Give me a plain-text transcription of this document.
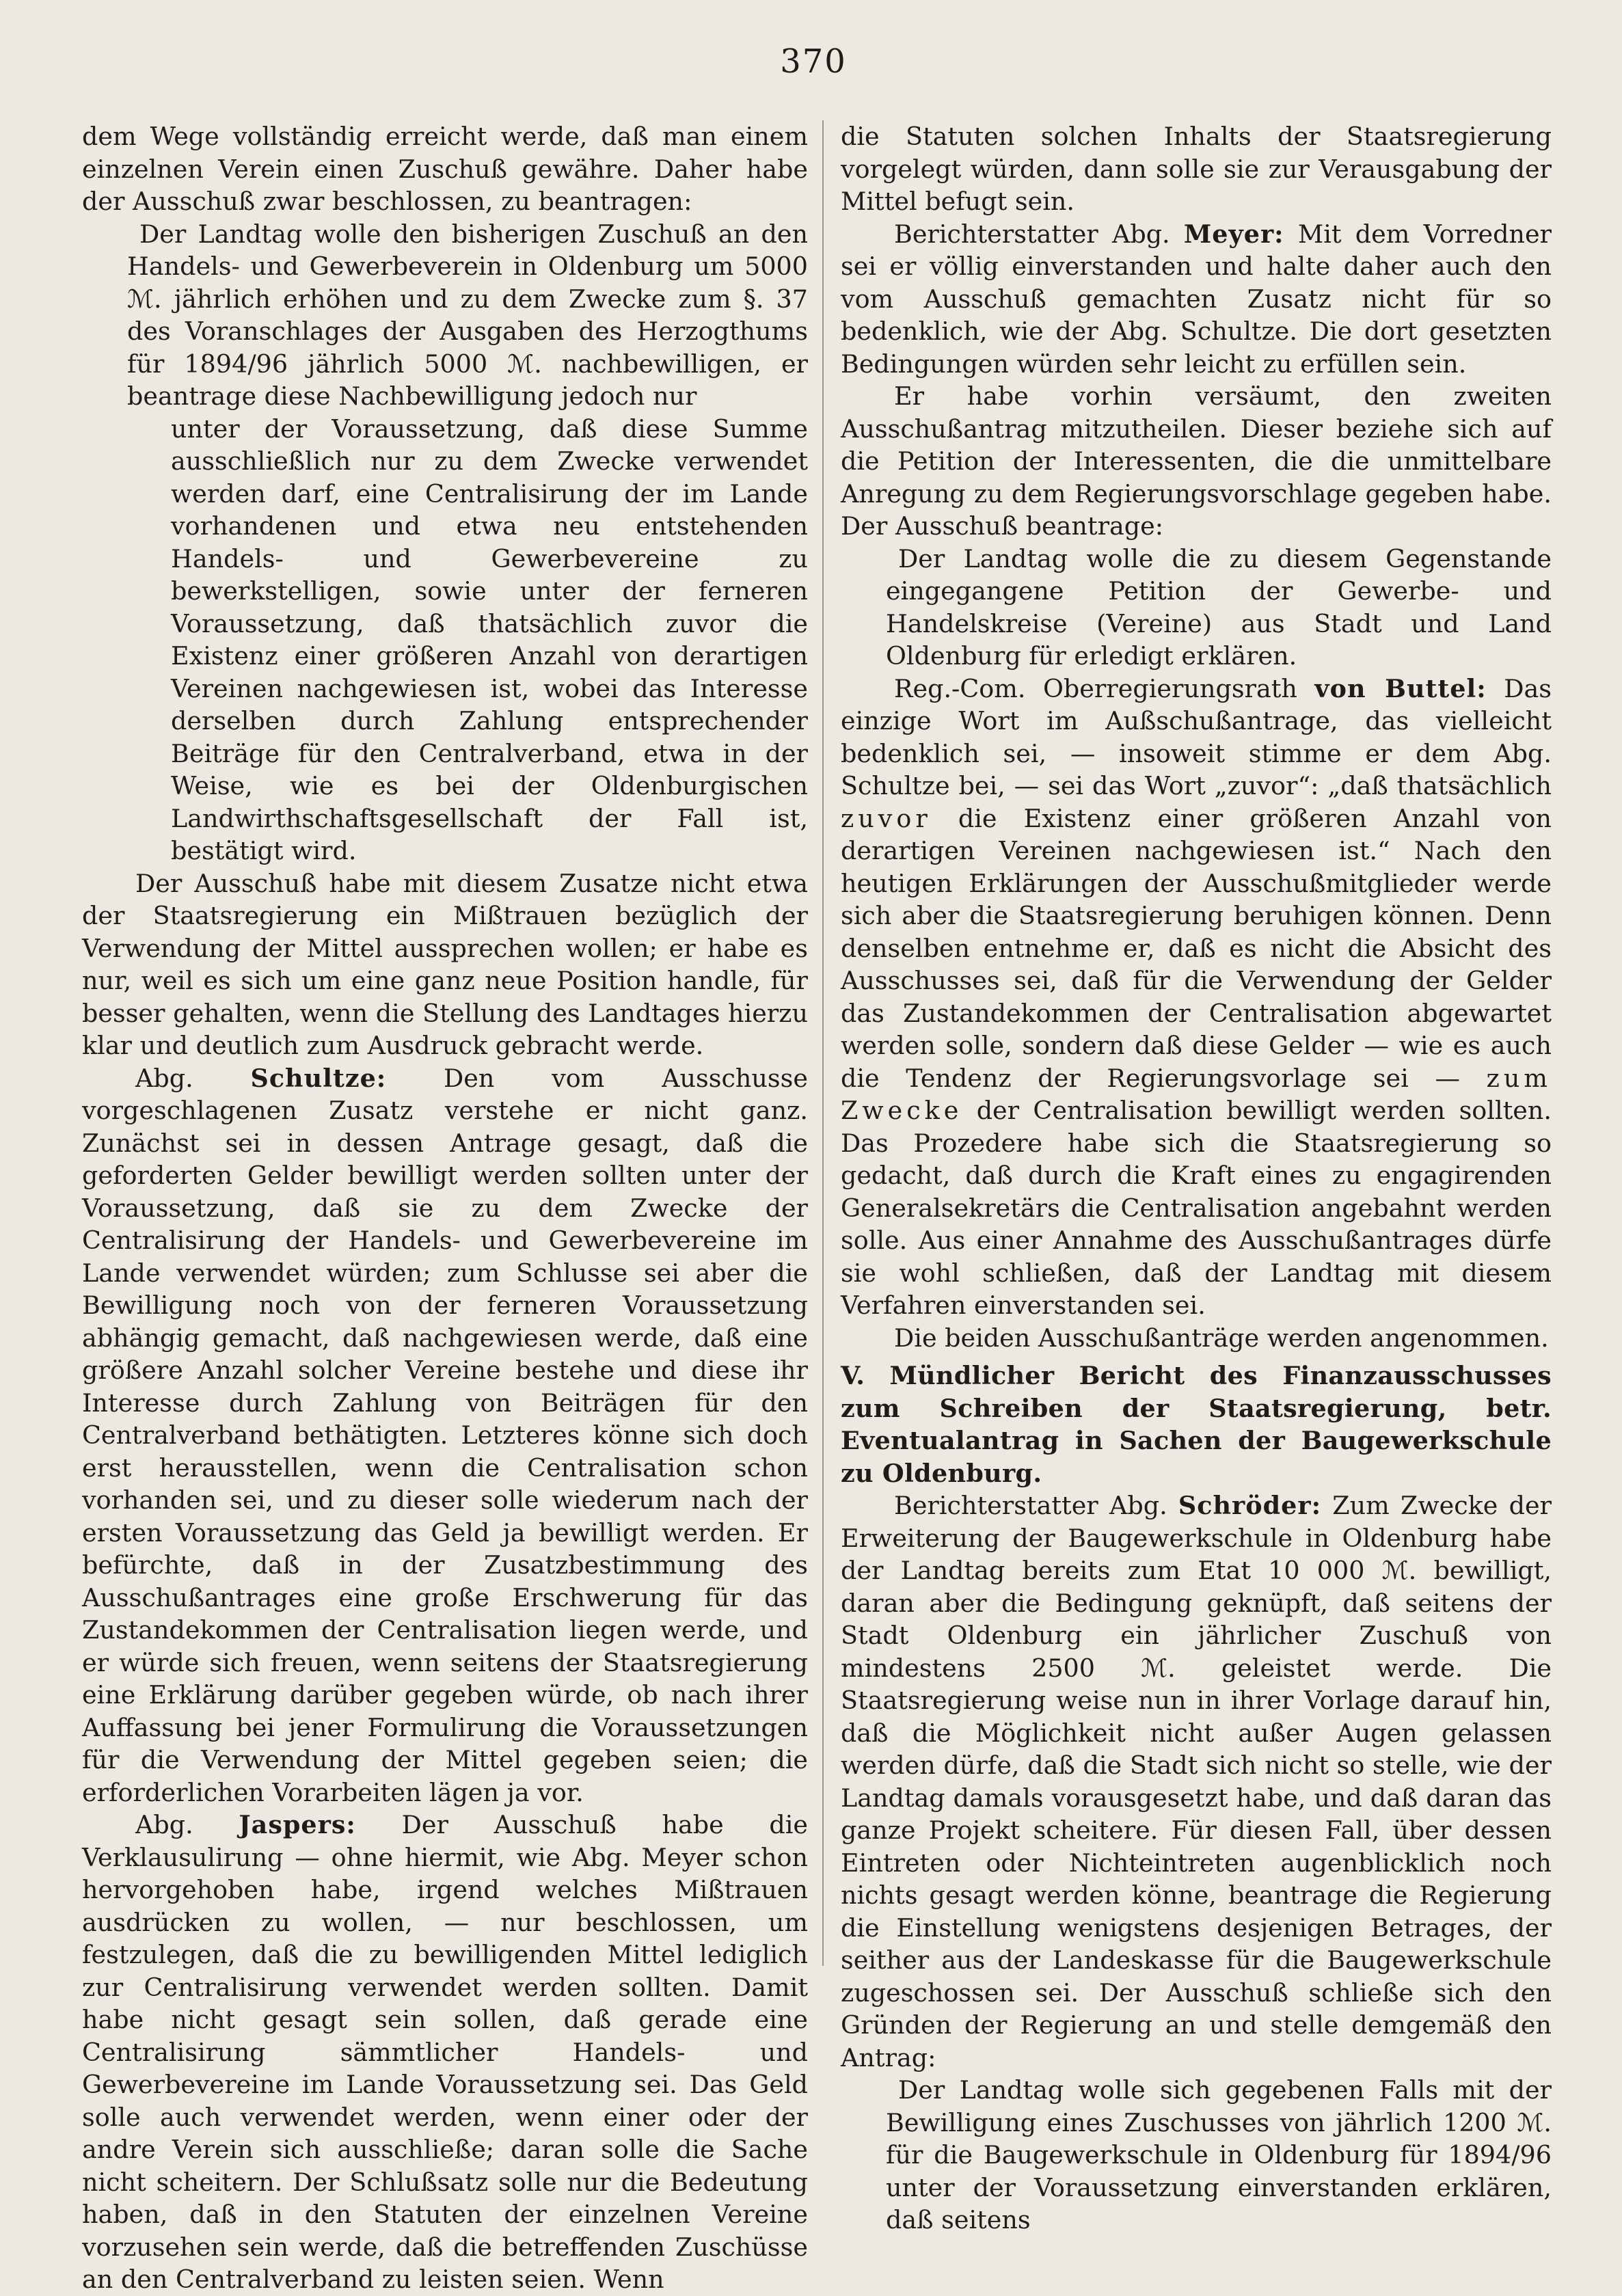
370

dem Wege vollständig erreicht werde, daß man einem einzelnen Verein einen Zuschuß gewähre. Daher habe der Ausschuß zwar beschlossen, zu beantragen:

Der Landtag wolle den bisherigen Zuschuß an den Handels- und Gewerbeverein in Oldenburg um 5000 ℳ. jährlich erhöhen und zu dem Zwecke zum §. 37 des Voranschlages der Ausgaben des Herzogthums für 1894/96 jährlich 5000 ℳ. nachbewilligen, er beantrage diese Nachbewilligung jedoch nur

unter der Voraussetzung, daß diese Summe ausschließlich nur zu dem Zwecke verwendet werden darf, eine Centralisirung der im Lande vorhandenen und etwa neu entstehenden Handels- und Gewerbevereine zu bewerkstelligen, sowie unter der ferneren Voraussetzung, daß thatsächlich zuvor die Existenz einer größeren Anzahl von derartigen Vereinen nachgewiesen ist, wobei das Interesse derselben durch Zahlung entsprechender Beiträge für den Centralverband, etwa in der Weise, wie es bei der Oldenburgischen Landwirthschaftsgesellschaft der Fall ist, bestätigt wird.

Der Ausschuß habe mit diesem Zusatze nicht etwa der Staatsregierung ein Mißtrauen bezüglich der Verwendung der Mittel aussprechen wollen; er habe es nur, weil es sich um eine ganz neue Position handle, für besser gehalten, wenn die Stellung des Landtages hierzu klar und deutlich zum Ausdruck gebracht werde.

Abg. Schultze: Den vom Ausschusse vorgeschlagenen Zusatz verstehe er nicht ganz. Zunächst sei in dessen Antrage gesagt, daß die geforderten Gelder bewilligt werden sollten unter der Voraussetzung, daß sie zu dem Zwecke der Centralisirung der Handels- und Gewerbevereine im Lande verwendet würden; zum Schlusse sei aber die Bewilligung noch von der ferneren Voraussetzung abhängig gemacht, daß nachgewiesen werde, daß eine größere Anzahl solcher Vereine bestehe und diese ihr Interesse durch Zahlung von Beiträgen für den Centralverband bethätigten. Letzteres könne sich doch erst herausstellen, wenn die Centralisation schon vorhanden sei, und zu dieser solle wiederum nach der ersten Voraussetzung das Geld ja bewilligt werden. Er befürchte, daß in der Zusatzbestimmung des Ausschußantrages eine große Erschwerung für das Zustandekommen der Centralisation liegen werde, und er würde sich freuen, wenn seitens der Staatsregierung eine Erklärung darüber gegeben würde, ob nach ihrer Auffassung bei jener Formulirung die Voraussetzungen für die Verwendung der Mittel gegeben seien; die erforderlichen Vorarbeiten lägen ja vor.

Abg. Jaspers: Der Ausschuß habe die Verklausulirung — ohne hiermit, wie Abg. Meyer schon hervorgehoben habe, irgend welches Mißtrauen ausdrücken zu wollen, — nur beschlossen, um festzulegen, daß die zu bewilligenden Mittel lediglich zur Centralisirung verwendet werden sollten. Damit habe nicht gesagt sein sollen, daß gerade eine Centralisirung sämmtlicher Handels- und Gewerbevereine im Lande Voraussetzung sei. Das Geld solle auch verwendet werden, wenn einer oder der andre Verein sich ausschließe; daran solle die Sache nicht scheitern. Der Schlußsatz solle nur die Bedeutung haben, daß in den Statuten der einzelnen Vereine vorzusehen sein werde, daß die betreffenden Zuschüsse an den Centralverband zu leisten seien. Wenn

die Statuten solchen Inhalts der Staatsregierung vorgelegt würden, dann solle sie zur Verausgabung der Mittel befugt sein.

Berichterstatter Abg. Meyer: Mit dem Vorredner sei er völlig einverstanden und halte daher auch den vom Ausschuß gemachten Zusatz nicht für so bedenklich, wie der Abg. Schultze. Die dort gesetzten Bedingungen würden sehr leicht zu erfüllen sein.

Er habe vorhin versäumt, den zweiten Ausschußantrag mitzutheilen. Dieser beziehe sich auf die Petition der Interessenten, die die unmittelbare Anregung zu dem Regierungsvorschlage gegeben habe. Der Ausschuß beantrage:

Der Landtag wolle die zu diesem Gegenstande eingegangene Petition der Gewerbe- und Handelskreise (Vereine) aus Stadt und Land Oldenburg für erledigt erklären.

Reg.-Com. Oberregierungsrath von Buttel: Das einzige Wort im Außschußantrage, das vielleicht bedenklich sei, — insoweit stimme er dem Abg. Schultze bei, — sei das Wort „zuvor“: „daß thatsächlich zuvor die Existenz einer größeren Anzahl von derartigen Vereinen nachgewiesen ist.“ Nach den heutigen Erklärungen der Ausschußmitglieder werde sich aber die Staatsregierung beruhigen können. Denn denselben entnehme er, daß es nicht die Absicht des Ausschusses sei, daß für die Verwendung der Gelder das Zustandekommen der Centralisation abgewartet werden solle, sondern daß diese Gelder — wie es auch die Tendenz der Regierungsvorlage sei — zum Zwecke der Centralisation bewilligt werden sollten. Das Prozedere habe sich die Staatsregierung so gedacht, daß durch die Kraft eines zu engagirenden Generalsekretärs die Centralisation angebahnt werden solle. Aus einer Annahme des Ausschußantrages dürfe sie wohl schließen, daß der Landtag mit diesem Verfahren einverstanden sei.

Die beiden Ausschußanträge werden angenommen.

V. Mündlicher Bericht des Finanzausschusses zum Schreiben der Staatsregierung, betr. Eventualantrag in Sachen der Baugewerkschule zu Oldenburg.

Berichterstatter Abg. Schröder: Zum Zwecke der Erweiterung der Baugewerkschule in Oldenburg habe der Landtag bereits zum Etat 10 000 ℳ. bewilligt, daran aber die Bedingung geknüpft, daß seitens der Stadt Oldenburg ein jährlicher Zuschuß von mindestens 2500 ℳ. geleistet werde. Die Staatsregierung weise nun in ihrer Vorlage darauf hin, daß die Möglichkeit nicht außer Augen gelassen werden dürfe, daß die Stadt sich nicht so stelle, wie der Landtag damals vorausgesetzt habe, und daß daran das ganze Projekt scheitere. Für diesen Fall, über dessen Eintreten oder Nichteintreten augenblicklich noch nichts gesagt werden könne, beantrage die Regierung die Einstellung wenigstens desjenigen Betrages, der seither aus der Landeskasse für die Baugewerkschule zugeschossen sei. Der Ausschuß schließe sich den Gründen der Regierung an und stelle demgemäß den Antrag:

Der Landtag wolle sich gegebenen Falls mit der Bewilligung eines Zuschusses von jährlich 1200 ℳ. für die Baugewerkschule in Oldenburg für 1894/96 unter der Voraussetzung einverstanden erklären, daß seitens
